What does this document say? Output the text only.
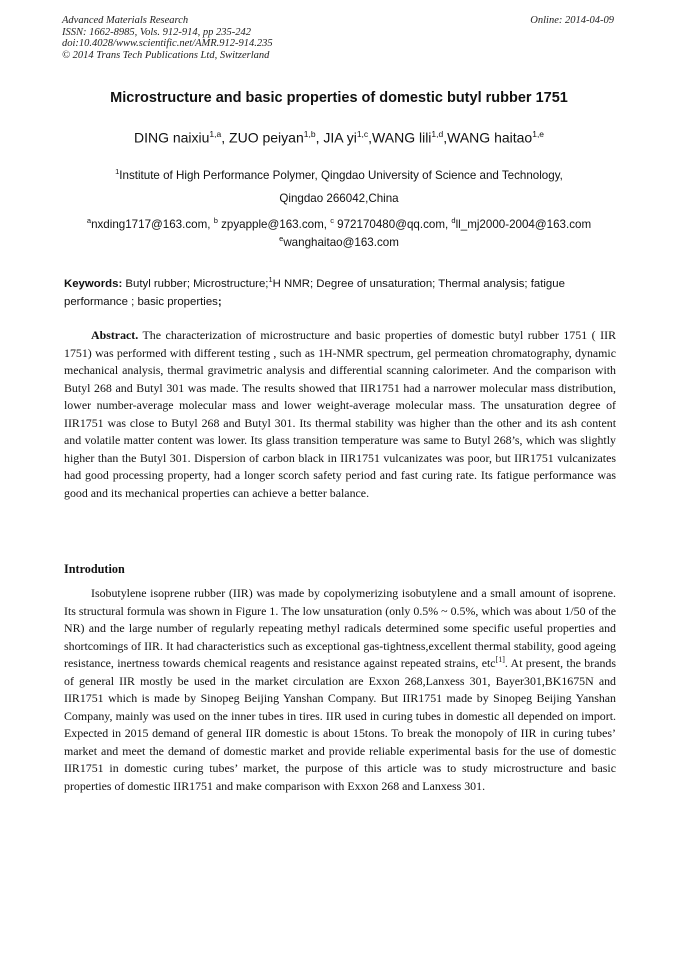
Advanced Materials Research
ISSN: 1662-8985, Vols. 912-914, pp 235-242
doi:10.4028/www.scientific.net/AMR.912-914.235
© 2014 Trans Tech Publications Ltd, Switzerland
Online: 2014-04-09
Microstructure and basic properties of domestic butyl rubber 1751
DING naixiu$^{1,a}$, ZUO peiyan$^{1,b}$, JIA yi$^{1,c}$,WANG lili$^{1,d}$,WANG haitao$^{1,e}$
$^1$Institute of High Performance Polymer, Qingdao University of Science and Technology,
Qingdao 266042,China
$^a$nxding1717@163.com, $^b$ zpyapple@163.com, $^c$ 972170480@qq.com, $^d$ll_mj2000-2004@163.com
$^e$wanghaitao@163.com
Keywords: Butyl rubber; Microstructure;$^1$H NMR; Degree of unsaturation; Thermal analysis; fatigue performance ; basic properties;
Abstract. The characterization of microstructure and basic properties of domestic butyl rubber 1751 ( IIR 1751) was performed with different testing , such as 1H-NMR spectrum, gel permeation chromatography, dynamic mechanical analysis, thermal gravimetric analysis and differential scanning calorimeter. And the comparison with Butyl 268 and Butyl 301 was made. The results showed that IIR1751 had a narrower molecular mass distribution, lower number-average molecular mass and lower weight-average molecular mass. The unsaturation degree of IIR1751 was close to Butyl 268 and Butyl 301. Its thermal stability was higher than the other and its ash content and volatile matter content was lower. Its glass transition temperature was same to Butyl 268’s, which was slightly higher than the Butyl 301. Dispersion of carbon black in IIR1751 vulcanizates was poor, but IIR1751 vulcanizates had good processing property, had a longer scorch safety period and fast curing rate. Its fatigue performance was good and its mechanical properties can achieve a better balance.
Introdution
Isobutylene isoprene rubber (IIR) was made by copolymerizing isobutylene and a small amount of isoprene. Its structural formula was shown in Figure 1. The low unsaturation (only 0.5% ~ 0.5%, which was about 1/50 of the NR) and the large number of regularly repeating methyl radicals determined some specific useful properties and shortcomings of IIR. It had characteristics such as exceptional gas-tightness,excellent thermal stability, good ageing resistance, inertness towards chemical reagents and resistance against repeated strains, etc[1]. At present, the brands of general IIR mostly be used in the market circulation are Exxon 268,Lanxess 301, Bayer301,BK1675N and IIR1751 which is made by Sinopeg Beijing Yanshan Company. But IIR1751 made by Sinopeg Beijing Yanshan Company, mainly was used on the inner tubes in tires. IIR used in curing tubes in domestic all depended on import. Expected in 2015 demand of general IIR domestic is about 15tons. To break the monopoly of IIR in curing tubes’ market and meet the demand of domestic market and provide reliable experimental basis for the use of domestic IIR1751 in domestic curing tubes’ market, the purpose of this article was to study microstructure and basic properties of domestic IIR1751 and make comparison with Exxon 268 and Lanxess 301.
